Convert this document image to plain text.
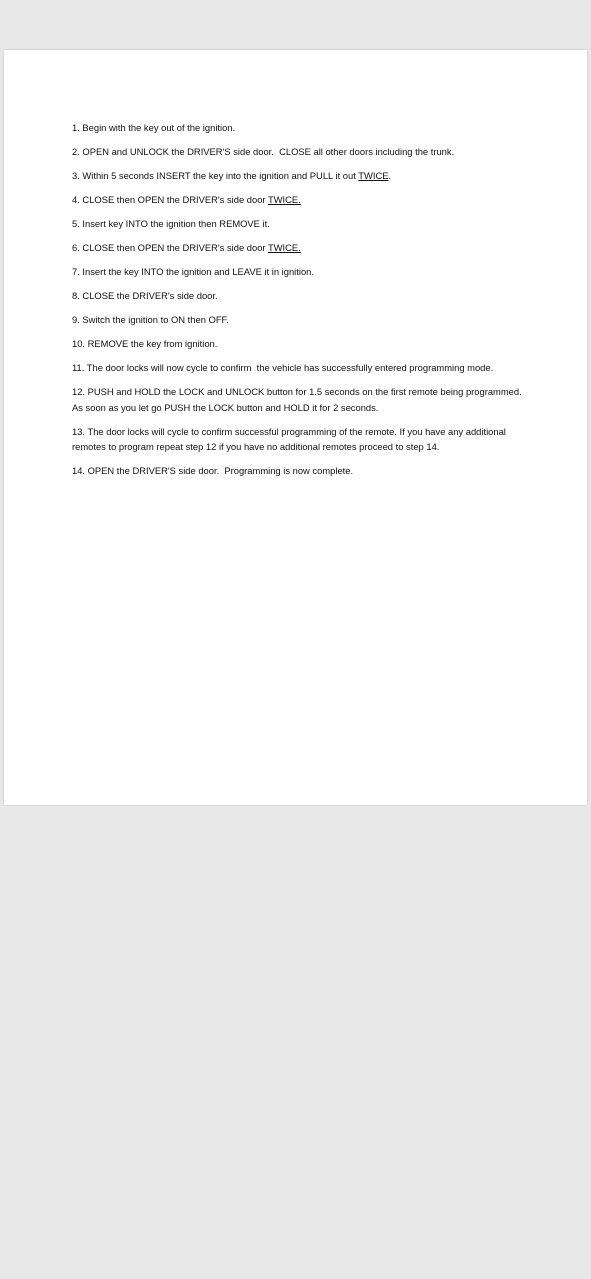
1. Begin with the key out of the ignition.
2. OPEN and UNLOCK the DRIVER'S side door.  CLOSE all other doors including the trunk.
3. Within 5 seconds INSERT the key into the ignition and PULL it out TWICE.
4. CLOSE then OPEN the DRIVER's side door TWICE.
5. Insert key INTO the ignition then REMOVE it.
6. CLOSE then OPEN the DRIVER's side door TWICE.
7. Insert the key INTO the ignition and LEAVE it in ignition.
8. CLOSE the DRIVER's side door.
9. Switch the ignition to ON then OFF.
10. REMOVE the key from ignition.
11. The door locks will now cycle to confirm  the vehicle has successfully entered programming mode.
12. PUSH and HOLD the LOCK and UNLOCK button for 1.5 seconds on the first remote being programmed.  As soon as you let go PUSH the LOCK button and HOLD it for 2 seconds.
13. The door locks will cycle to confirm successful programming of the remote. If you have any additional remotes to program repeat step 12 if you have no additional remotes proceed to step 14.
14. OPEN the DRIVER'S side door.  Programming is now complete.
